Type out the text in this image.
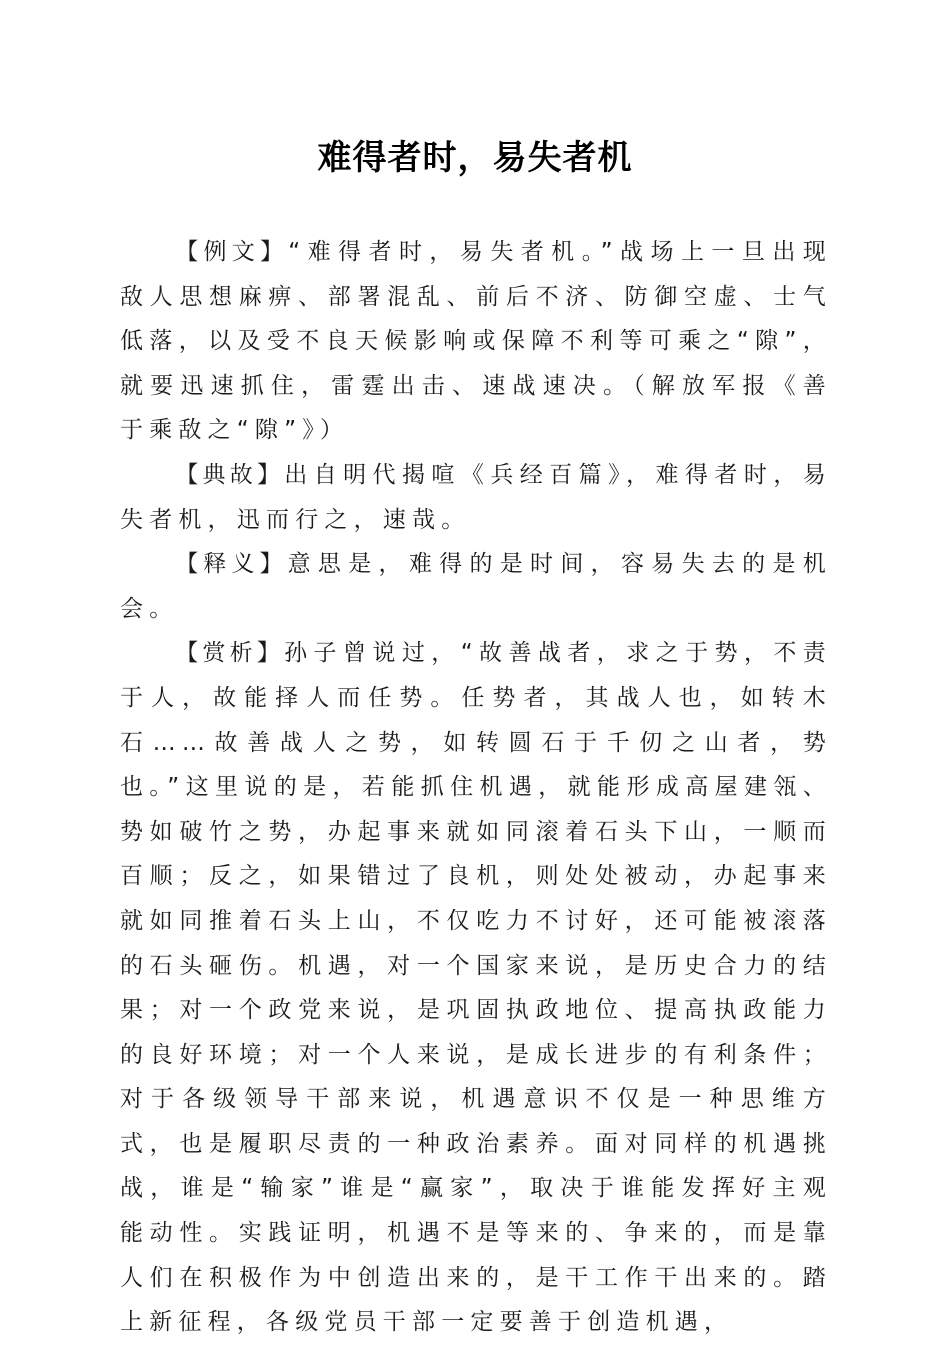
难得者时，易失者机

【例文】“难得者时，易失者机。”战场上一旦出现敌人思想麻痹、部署混乱、前后不济、防御空虚、士气低落，以及受不良天候影响或保障不利等可乘之“隙”，就要迅速抓住，雷霆出击、速战速决。（解放军报《善于乘敌之“隙”》）

【典故】出自明代揭喧《兵经百篇》，难得者时，易失者机，迅而行之，速哉。

【释义】意思是，难得的是时间，容易失去的是机会。

【赏析】孙子曾说过，“故善战者，求之于势，不责于人，故能择人而任势。任势者，其战人也，如转木石……故善战人之势，如转圆石于千仞之山者，势也。”这里说的是，若能抓住机遇，就能形成高屋建瓴、势如破竹之势，办起事来就如同滚着石头下山，一顺而百顺；反之，如果错过了良机，则处处被动，办起事来就如同推着石头上山，不仅吃力不讨好，还可能被滚落的石头砸伤。机遇，对一个国家来说，是历史合力的结果；对一个政党来说，是巩固执政地位、提高执政能力的良好环境；对一个人来说，是成长进步的有利条件；对于各级领导干部来说，机遇意识不仅是一种思维方式，也是履职尽责的一种政治素养。面对同样的机遇挑战，谁是“输家”谁是“赢家”，取决于谁能发挥好主观能动性。实践证明，机遇不是等来的、争来的，而是靠人们在积极作为中创造出来的，是干工作干出来的。踏上新征程，各级党员干部一定要善于创造机遇，
